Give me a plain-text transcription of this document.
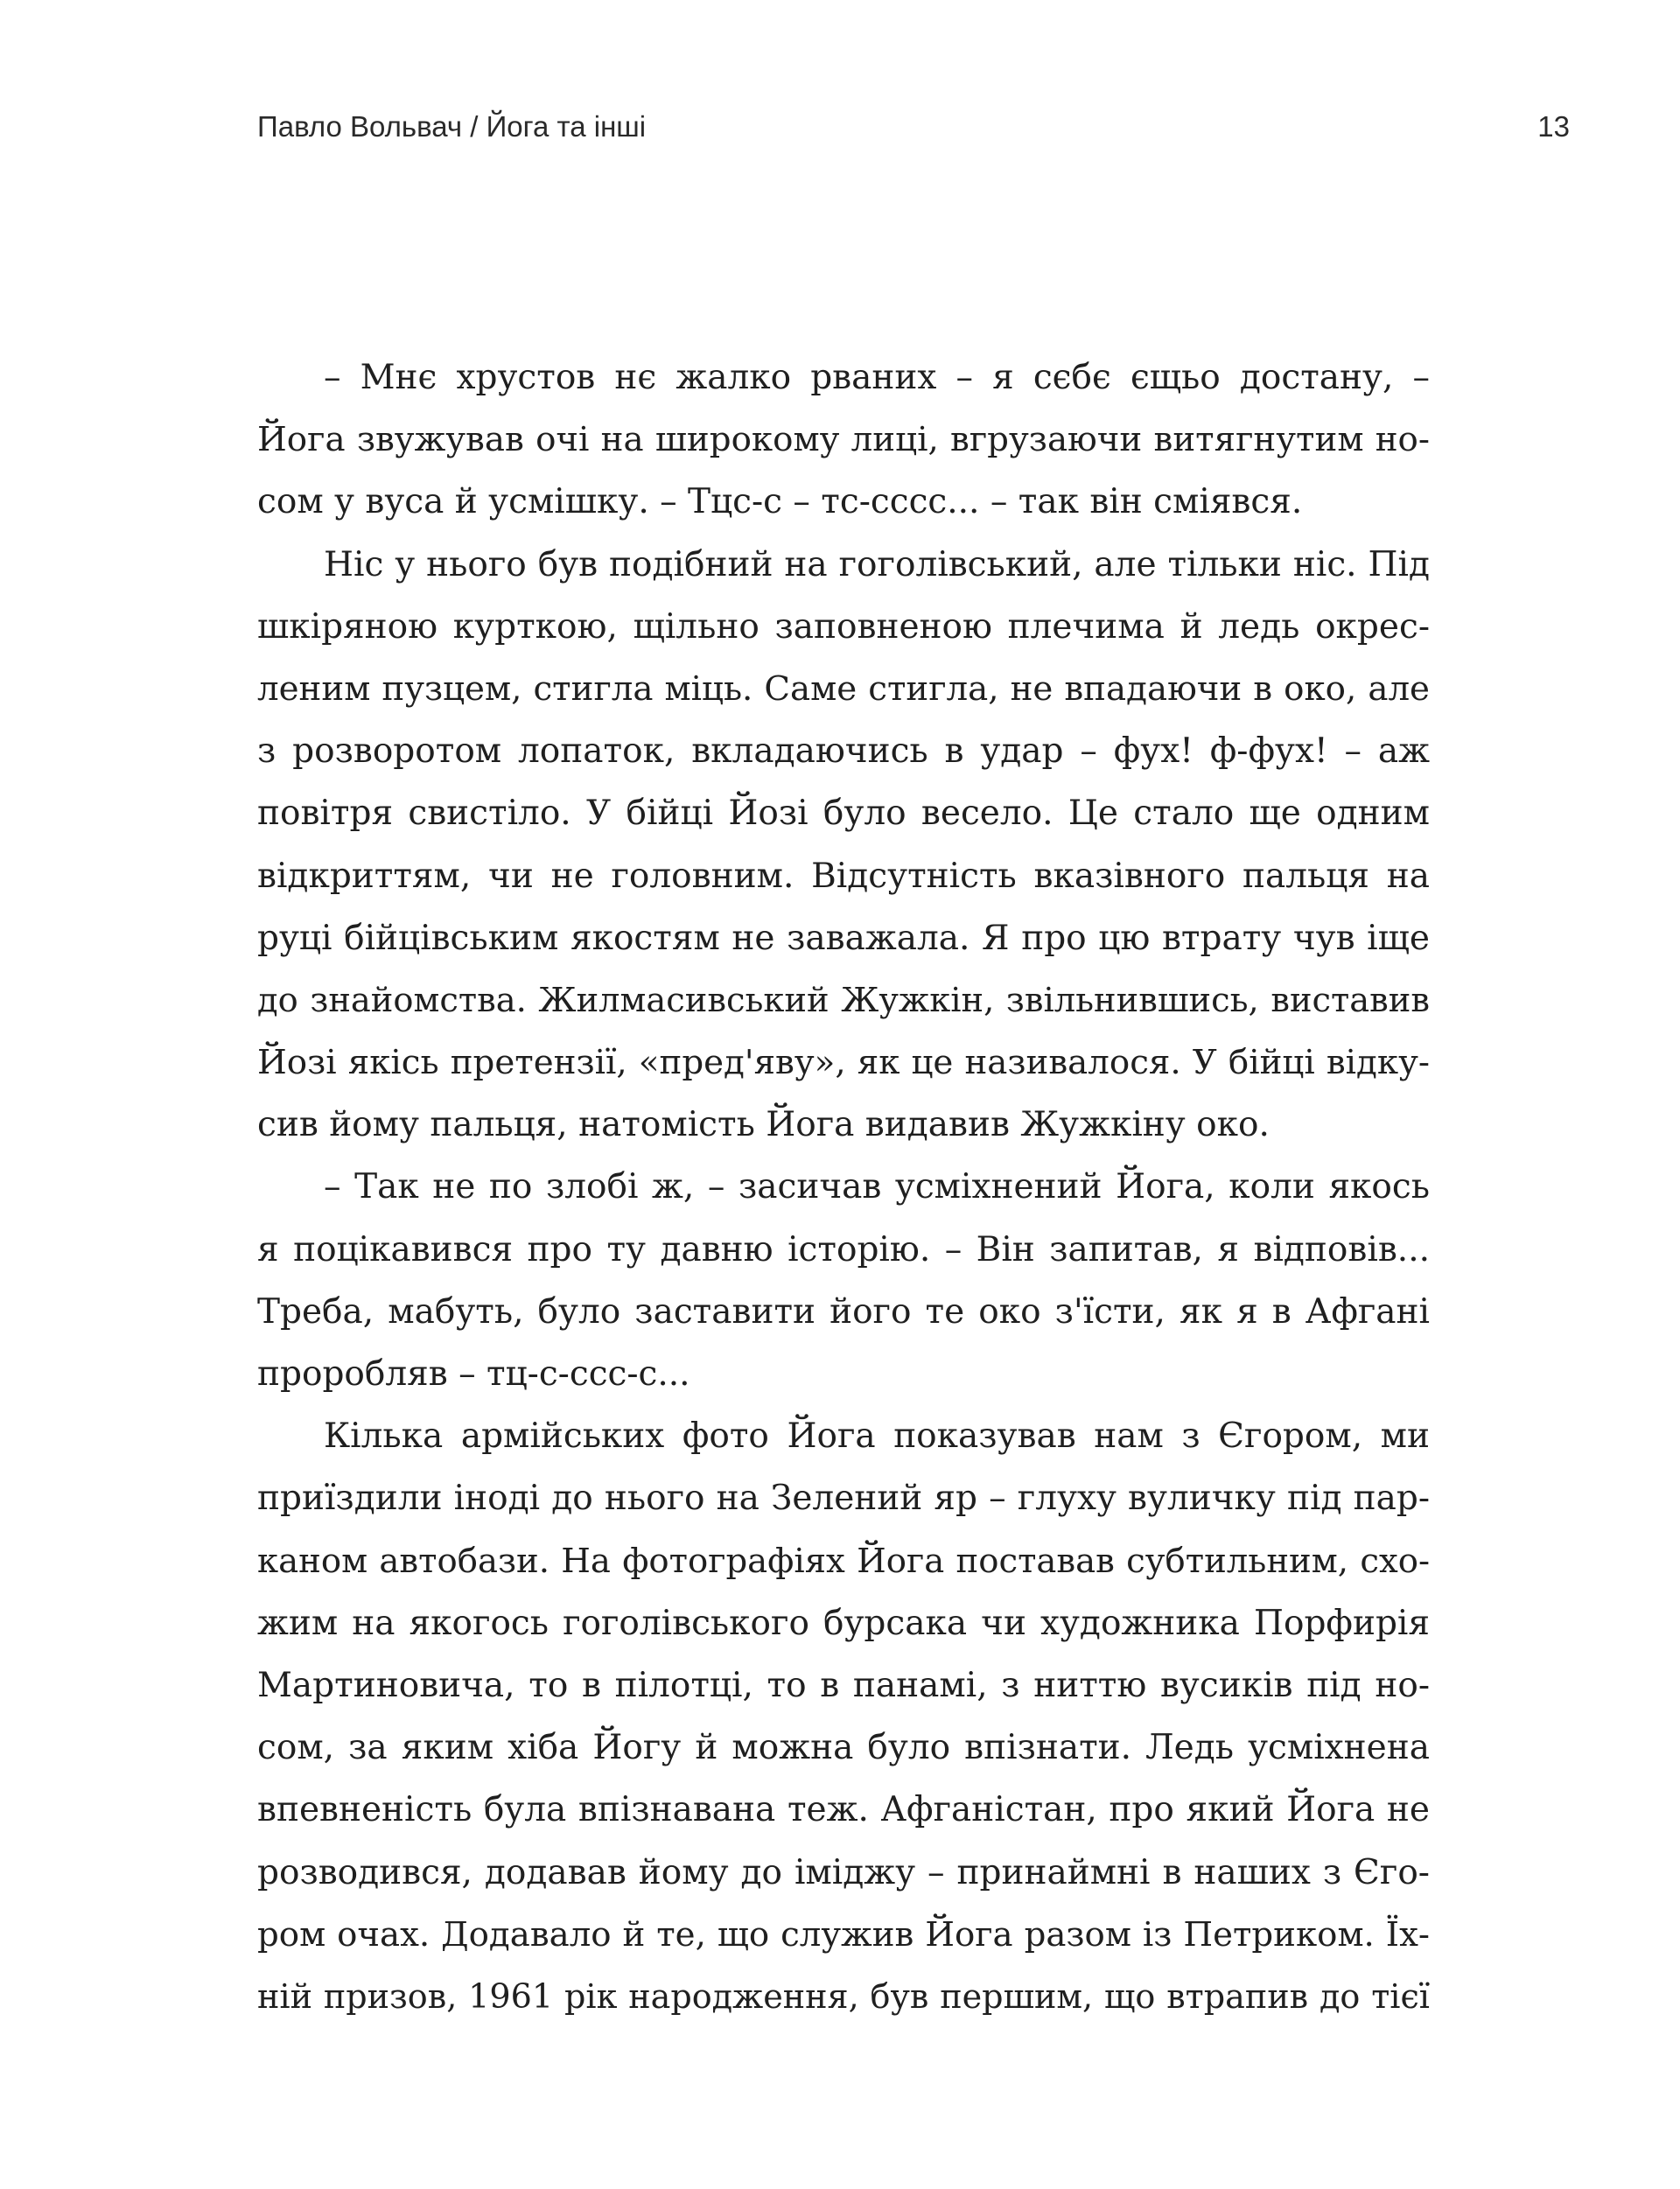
Павло Вольвач / Йога та інші	13

– Мнє хрустов нє жалко рваних – я сєбє єщьо достану, –
Йога звужував очі на широкому лиці, вгрузаючи витягнутим но-
сом у вуса й усмішку. – Тцс-с – тс-сссс... – так він сміявся.

Ніс у нього був подібний на гоголівський, але тільки ніс. Під
шкіряною курткою, щільно заповненою плечима й ледь окрес-
леним пузцем, стигла міць. Саме стигла, не впадаючи в око, але
з розворотом лопаток, вкладаючись в удар – фух! ф-фух! – аж
повітря свистіло. У бійці Йозі було весело. Це стало ще одним
відкриттям, чи не головним. Відсутність вказівного пальця на
руці бійцівським якостям не заважала. Я про цю втрату чув іще
до знайомства. Жилмасивський Жужкін, звільнившись, виставив
Йозі якісь претензії, «пред'яву», як це називалося. У бійці відку-
сив йому пальця, натомість Йога видавив Жужкіну око.

– Так не по злобі ж, – засичав усміхнений Йога, коли якось
я поцікавився про ту давню історію. – Він запитав, я відповів...
Треба, мабуть, було заставити його те око з'їсти, як я в Афгані
проробляв – тц-с-ссс-с...

Кілька армійських фото Йога показував нам з Єгором, ми
приїздили іноді до нього на Зелений яр – глуху вуличку під пар-
каном автобази. На фотографіях Йога поставав субтильним, схо-
жим на якогось гоголівського бурсака чи художника Порфирія
Мартиновича, то в пілотці, то в панамі, з ниттю вусиків під но-
сом, за яким хіба Йогу й можна було впізнати. Ледь усміхнена
впевненість була впізнавана теж. Афганістан, про який Йога не
розводився, додавав йому до іміджу – принаймні в наших з Єго-
ром очах. Додавало й те, що служив Йога разом із Петриком. Їх-
ній призов, 1961 рік народження, був першим, що втрапив до тієї
